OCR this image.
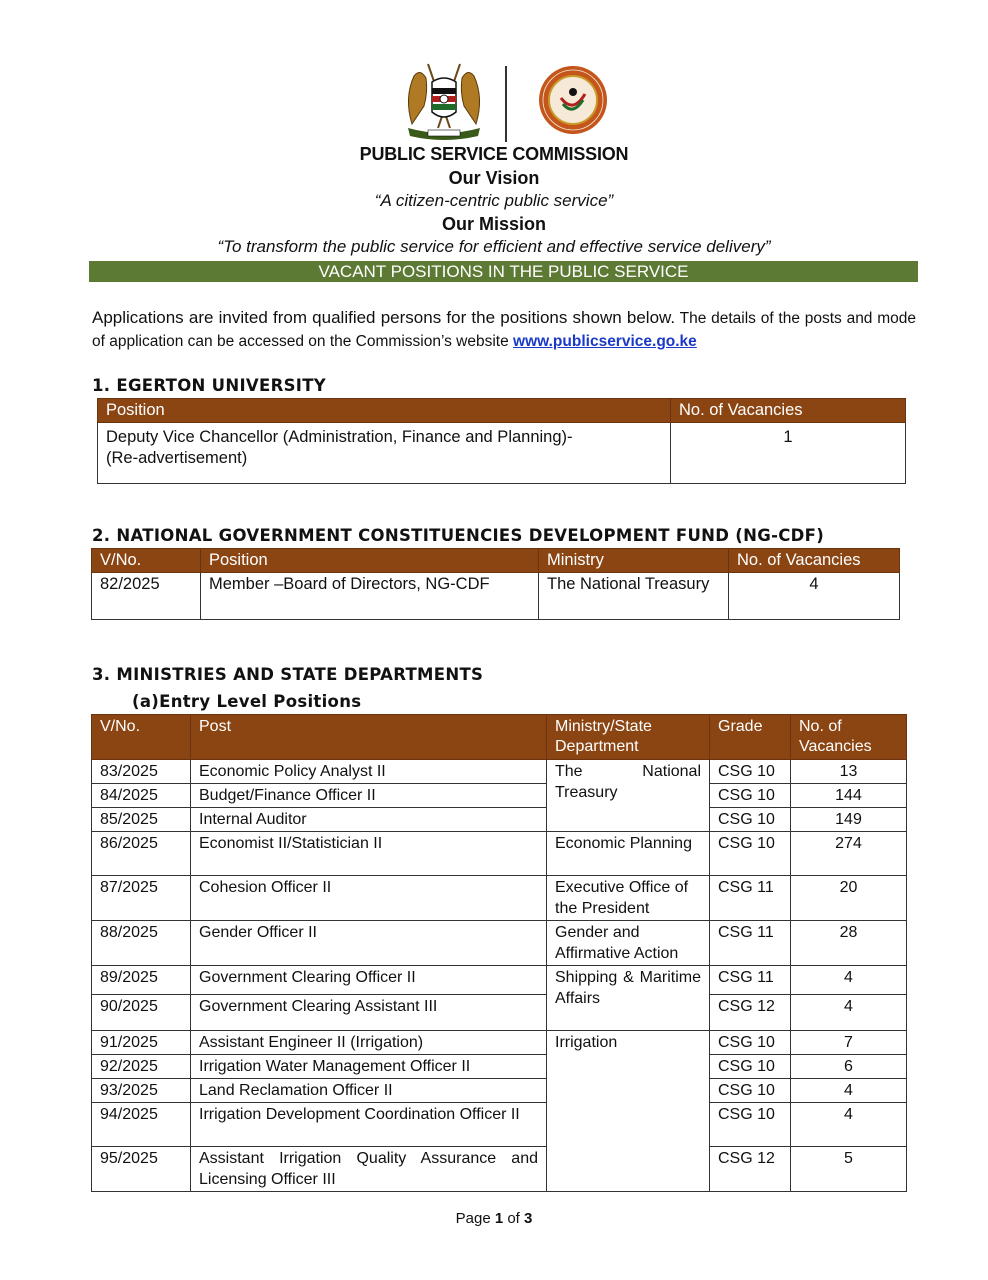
PUBLIC SERVICE COMMISSION
Our Vision
“A citizen-centric public service”
Our Mission
“To transform the public service for efficient and effective service delivery”
VACANT POSITIONS IN THE PUBLIC SERVICE
Applications are invited from qualified persons for the positions shown below. The details of the posts and mode of application can be accessed on the Commission’s website www.publicservice.go.ke
1. EGERTON UNIVERSITY
Position	No. of Vacancies
Deputy Vice Chancellor (Administration, Finance and Planning)-
(Re-advertisement)	1
2. NATIONAL GOVERNMENT CONSTITUENCIES DEVELOPMENT FUND (NG-CDF)
V/No.	Position	Ministry	No. of Vacancies
82/2025	Member –Board of Directors, NG-CDF	The National Treasury	4
3. MINISTRIES AND STATE DEPARTMENTS
(a)Entry Level Positions
V/No.	Post	Ministry/State Department	Grade	No. of Vacancies
83/2025	Economic Policy Analyst II	The National Treasury	CSG 10	13
84/2025	Budget/Finance Officer II		CSG 10	144
85/2025	Internal Auditor		CSG 10	149
86/2025	Economist II/Statistician II	Economic Planning	CSG 10	274
87/2025	Cohesion Officer II	Executive Office of the President	CSG 11	20
88/2025	Gender Officer II	Gender and Affirmative Action	CSG 11	28
89/2025	Government Clearing Officer II	Shipping & Maritime Affairs	CSG 11	4
90/2025	Government Clearing Assistant III		CSG 12	4
91/2025	Assistant Engineer II (Irrigation)	Irrigation	CSG 10	7
92/2025	Irrigation Water Management Officer II		CSG 10	6
93/2025	Land Reclamation Officer II		CSG 10	4
94/2025	Irrigation Development Coordination Officer II		CSG 10	4
95/2025	Assistant Irrigation Quality Assurance and Licensing Officer III		CSG 12	5
Page 1 of 3
